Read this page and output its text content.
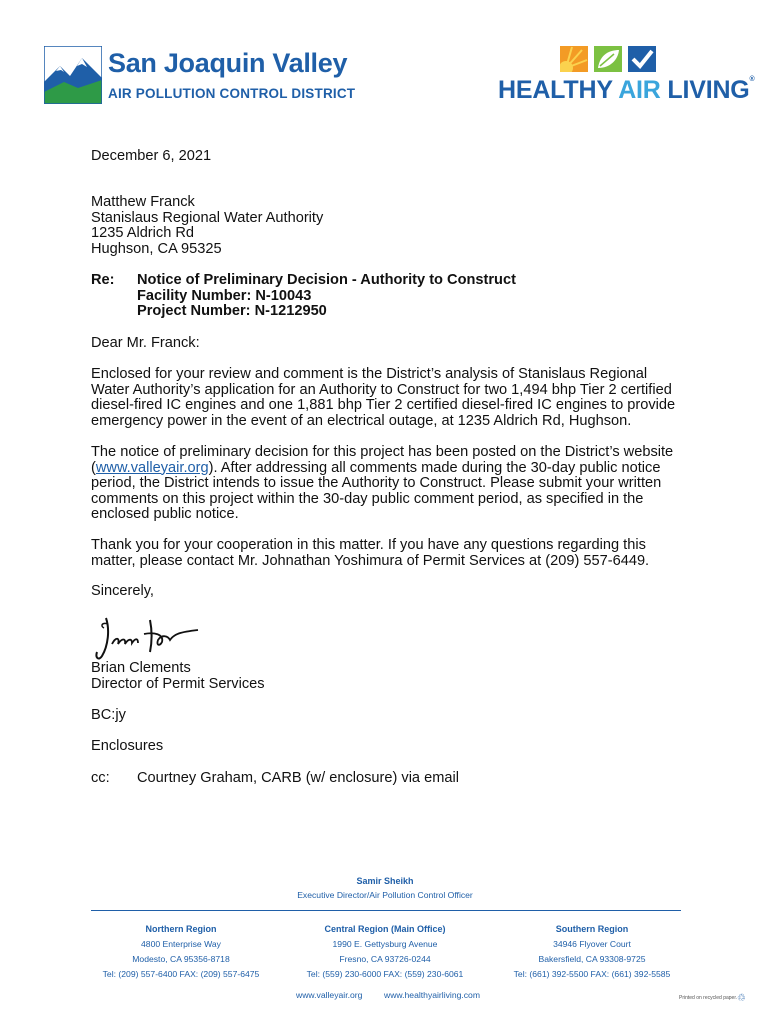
San Joaquin Valley
AIR POLLUTION CONTROL DISTRICT	HEALTHY AIR LIVING®
December 6, 2021
Matthew Franck
Stanislaus Regional Water Authority
1235 Aldrich Rd
Hughson, CA 95325
Re: Notice of Preliminary Decision - Authority to Construct
Facility Number: N-10043
Project Number: N-1212950
Dear Mr. Franck:
Enclosed for your review and comment is the District’s analysis of Stanislaus Regional
Water Authority’s application for an Authority to Construct for two 1,494 bhp Tier 2 certified
diesel-fired IC engines and one 1,881 bhp Tier 2 certified diesel-fired IC engines to provide
emergency power in the event of an electrical outage, at 1235 Aldrich Rd, Hughson.
The notice of preliminary decision for this project has been posted on the District’s website
(www.valleyair.org). After addressing all comments made during the 30-day public notice
period, the District intends to issue the Authority to Construct. Please submit your written
comments on this project within the 30-day public comment period, as specified in the
enclosed public notice.
Thank you for your cooperation in this matter. If you have any questions regarding this
matter, please contact Mr. Johnathan Yoshimura of Permit Services at (209) 557-6449.
Sincerely,
Brian Clements
Director of Permit Services
BC:jy
Enclosures
cc: Courtney Graham, CARB (w/ enclosure) via email
Samir Sheikh
Executive Director/Air Pollution Control Officer
Northern Region
4800 Enterprise Way
Modesto, CA 95356-8718
Tel: (209) 557-6400 FAX: (209) 557-6475
Central Region (Main Office)
1990 E. Gettysburg Avenue
Fresno, CA 93726-0244
Tel: (559) 230-6000 FAX: (559) 230-6061
Southern Region
34946 Flyover Court
Bakersfield, CA 93308-9725
Tel: (661) 392-5500 FAX: (661) 392-5585
www.valleyair.org	www.healthyairliving.com	Printed on recycled paper. ♲
